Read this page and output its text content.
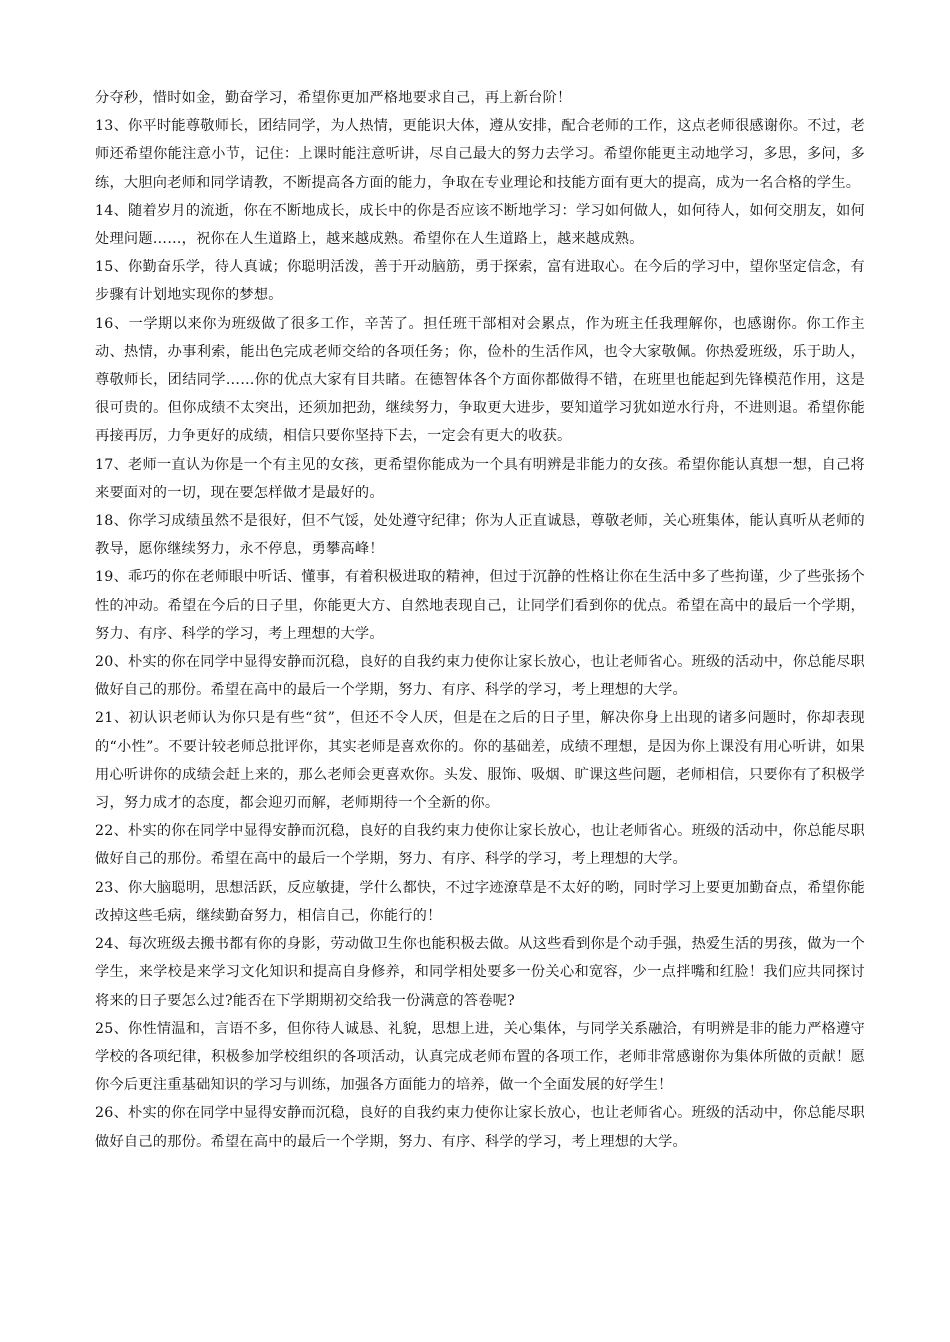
分夺秒，惜时如金，勤奋学习，希望你更加严格地要求自己，再上新台阶！

13、你平时能尊敬师长，团结同学，为人热情，更能识大体，遵从安排，配合老师的工作，这点老师很感谢你。不过，老师还希望你能注意小节，记住：上课时能注意听讲，尽自己最大的努力去学习。希望你能更主动地学习，多思，多问，多练，大胆向老师和同学请教，不断提高各方面的能力，争取在专业理论和技能方面有更大的提高，成为一名合格的学生。

14、随着岁月的流逝，你在不断地成长，成长中的你是否应该不断地学习：学习如何做人，如何待人，如何交朋友，如何处理问题……，祝你在人生道路上，越来越成熟。希望你在人生道路上，越来越成熟。

15、你勤奋乐学，待人真诚；你聪明活泼，善于开动脑筋，勇于探索，富有进取心。在今后的学习中，望你坚定信念，有步骤有计划地实现你的梦想。

16、一学期以来你为班级做了很多工作，辛苦了。担任班干部相对会累点，作为班主任我理解你，也感谢你。你工作主动、热情，办事利索，能出色完成老师交给的各项任务；你，俭朴的生活作风，也令大家敬佩。你热爱班级，乐于助人，尊敬师长，团结同学……你的优点大家有目共睹。在德智体各个方面你都做得不错，在班里也能起到先锋模范作用，这是很可贵的。但你成绩不太突出，还须加把劲，继续努力，争取更大进步，要知道学习犹如逆水行舟，不进则退。希望你能再接再厉，力争更好的成绩，相信只要你坚持下去，一定会有更大的收获。

17、老师一直认为你是一个有主见的女孩，更希望你能成为一个具有明辨是非能力的女孩。希望你能认真想一想，自己将来要面对的一切，现在要怎样做才是最好的。

18、你学习成绩虽然不是很好，但不气馁，处处遵守纪律；你为人正直诚恳，尊敬老师，关心班集体，能认真听从老师的教导，愿你继续努力，永不停息，勇攀高峰！

19、乖巧的你在老师眼中听话、懂事，有着积极进取的精神，但过于沉静的性格让你在生活中多了些拘谨，少了些张扬个性的冲动。希望在今后的日子里，你能更大方、自然地表现自己，让同学们看到你的优点。希望在高中的最后一个学期，努力、有序、科学的学习，考上理想的大学。

20、朴实的你在同学中显得安静而沉稳，良好的自我约束力使你让家长放心，也让老师省心。班级的活动中，你总能尽职做好自己的那份。希望在高中的最后一个学期，努力、有序、科学的学习，考上理想的大学。

21、初认识老师认为你只是有些“贫”，但还不令人厌，但是在之后的日子里，解决你身上出现的诸多问题时，你却表现的“小性”。不要计较老师总批评你，其实老师是喜欢你的。你的基础差，成绩不理想，是因为你上课没有用心听讲，如果用心听讲你的成绩会赶上来的，那么老师会更喜欢你。头发、服饰、吸烟、旷课这些问题，老师相信，只要你有了积极学习，努力成才的态度，都会迎刃而解，老师期待一个全新的你。

22、朴实的你在同学中显得安静而沉稳，良好的自我约束力使你让家长放心，也让老师省心。班级的活动中，你总能尽职做好自己的那份。希望在高中的最后一个学期，努力、有序、科学的学习，考上理想的大学。

23、你大脑聪明，思想活跃，反应敏捷，学什么都快，不过字迹潦草是不太好的哟，同时学习上要更加勤奋点，希望你能改掉这些毛病，继续勤奋努力，相信自己，你能行的！

24、每次班级去搬书都有你的身影，劳动做卫生你也能积极去做。从这些看到你是个动手强，热爱生活的男孩，做为一个学生，来学校是来学习文化知识和提高自身修养，和同学相处要多一份关心和宽容，少一点拌嘴和红脸！我们应共同探讨将来的日子要怎么过?能否在下学期期初交给我一份满意的答卷呢?

25、你性情温和，言语不多，但你待人诚恳、礼貌，思想上进，关心集体，与同学关系融洽，有明辨是非的能力严格遵守学校的各项纪律，积极参加学校组织的各项活动，认真完成老师布置的各项工作，老师非常感谢你为集体所做的贡献！愿你今后更注重基础知识的学习与训练，加强各方面能力的培养，做一个全面发展的好学生！

26、朴实的你在同学中显得安静而沉稳，良好的自我约束力使你让家长放心，也让老师省心。班级的活动中，你总能尽职做好自己的那份。希望在高中的最后一个学期，努力、有序、科学的学习，考上理想的大学。
